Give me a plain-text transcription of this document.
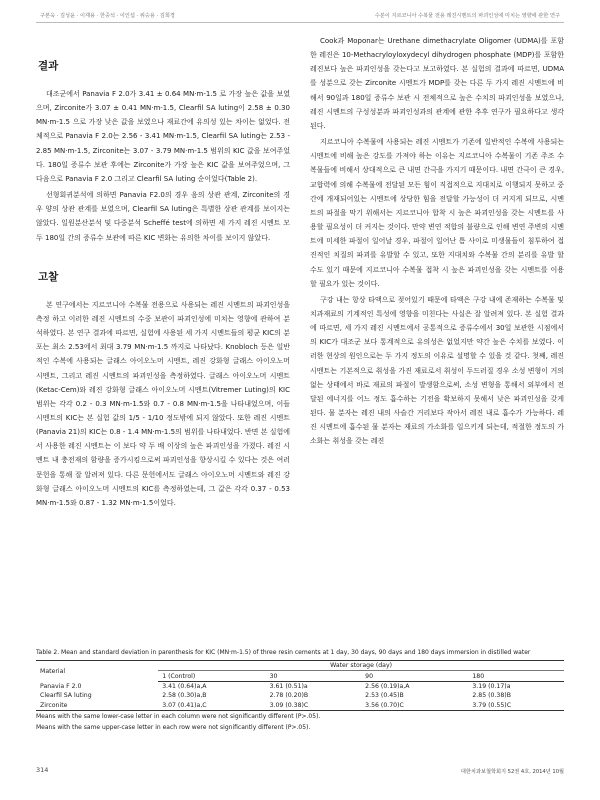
구본욱 · 김성윤 · 이재용 · 한중석 · 이인섭 · 위승용 · 김희경	수분이 지르코니아 수복물 전용 레진시멘트의 파괴인성에 미치는 영향에 관한 연구
결과

대조군에서 Panavia F 2.0가 3.41 ± 0.64 MN·m-1.5 로 가장 높은 값을 보였으며, Zirconite가 3.07 ± 0.41 MN·m-1.5, Clearfil SA luting이 2.58 ± 0.30 MN·m-1.5 으로 가장 낮은 값을 보였으나 재료간에 유의성 있는 차이는 없었다. 전체적으로 Panavia F 2.0는 2.56 - 3.41 MN·m-1.5, Clearfil SA luting는 2.53 - 2.85 MN·m-1.5, Zirconite는 3.07 - 3.79 MN·m-1.5 범위의 KIC 값을 보여주었다. 180일 증류수 보관 후에는 Zirconite가 가장 높은 KIC 값을 보여주었으며, 그 다음으로 Panavia F 2.0 그리고 Clearfil SA luting 순이었다(Table 2).

선형회귀분석에 의하면 Panavia F2.0의 경우 음의 상관 관계, Zirconite의 경우 양의 상관 관계를 보였으며, Clearfil SA luting은 특별한 상관 관계를 보이지는 않았다. 일원분산분석 및 다중분석 Scheffé test에 의하면 세 가지 레진 시멘트 모두 180일 간의 증류수 보관에 따른 KIC 변화는 유의한 차이를 보이지 않았다.

고찰

본 연구에서는 지르코니아 수복물 전용으로 사용되는 레진 시멘트의 파괴인성을 측정 하고 이러한 레진 시멘트의 수중 보관이 파괴인성에 미치는 영향에 관하여 분석하였다. 본 연구 결과에 따르면, 실험에 사용된 세 가지 시멘트들의 평균 KIC의 분포는 최소 2.53에서 최대 3.79 MN·m-1.5 까지로 나타났다. Knobloch 등은 일반적인 수복에 사용되는 글래스 아이오노머 시멘트, 레진 강화형 글래스 아이오노머 시멘트, 그리고 레진 시멘트의 파괴인성을 측정하였다. 글래스 아이오노머 시멘트(Ketac-Cem)와 레진 강화형 글래스 아이오노머 시멘트(Vitremer Luting)의 KIC 범위는 각각 0.2 - 0.3 MN·m-1.5와 0.7 - 0.8 MN·m-1.5을 나타내었으며, 이들 시멘트의 KIC는 본 실험 값의 1/5 - 1/10 정도밖에 되지 않았다. 또한 레진 시멘트(Panavia 21)의 KIC는 0.8 - 1.4 MN·m-1.5의 범위를 나타내었다. 반면 본 실험에서 사용한 레진 시멘트는 이 보다 약 두 배 이상의 높은 파괴인성을 가졌다. 레진 시멘트 내 충전재의 함량을 증가시킴으로써 파괴인성을 향상시킬 수 있다는 것은 여러 문헌을 통해 잘 알려져 있다. 다른 문헌에서도 글래스 아이오노머 시멘트와 레진 강화형 글래스 아이오노머 시멘트의 KIC를 측정하였는데, 그 값은 각각 0.37 - 0.53 MN·m-1.5와 0.87 - 1.32 MN·m-1.5이었다.

Cook과 Moponar는 Urethane dimethacrylate Oligomer (UDMA)를 포함한 레진은 10-Methacryloyloxydecyl dihydrogen phosphate (MDP)를 포함한 레진보다 높은 파괴인성을 갖는다고 보고하였다. 본 실험의 결과에 따르면, UDMA를 성분으로 갖는 Zirconite 시멘트가 MDP를 갖는 다른 두 가지 레진 시멘트에 비해서 90일과 180일 증류수 보관 시 전체적으로 높은 수치의 파괴인성을 보였으나, 레진 시멘트의 구성성분과 파괴인성과의 관계에 관한 추후 연구가 필요하다고 생각된다.

지르코니아 수복물에 사용되는 레진 시멘트가 기존에 일반적인 수복에 사용되는 시멘트에 비해 높은 강도를 가져야 하는 이유는 지르코니아 수복물이 기존 주조 수복물들에 비해서 상대적으로 큰 내면 간극을 가지기 때문이다. 내면 간극이 큰 경우, 교합력에 의해 수복물에 전달된 모든 힘이 직접적으로 지대치로 이행되지 못하고 중간에 개재되어있는 시멘트에 상당한 힘을 전달할 가능성이 더 커지게 되므로, 시멘트의 파절을 막기 위해서는 지르코니아 합착 시 높은 파괴인성을 갖는 시멘트를 사용할 필요성이 더 커지는 것이다. 만약 변연 적합의 불량으로 인해 변연 주변의 시멘트에 미세한 파절이 일어날 경우, 파절이 일어난 틈 사이로 미생물들이 침투하여 접진적인 치질의 파괴를 유발할 수 있고, 또한 지대치와 수복물 간의 분리를 유발 할 수도 있기 때문에 지르코니아 수복물 접착 시 높은 파괴인성을 갖는 시멘트를 이용할 필요가 있는 것이다.

구강 내는 항상 타액으로 젖어있기 때문에 타액은 구강 내에 존재하는 수복물 및 치과재료의 기계적인 특성에 영향을 미친다는 사실은 잘 알려져 있다. 본 실험 결과에 따르면, 세 가지 레진 시멘트에서 공통적으로 증류수에서 30일 보관한 시점에서의 KIC가 대조군 보다 통계적으로 유의성은 없었지만 약간 높은 수치를 보였다. 이러한 현상의 원인으로는 두 가지 정도의 이유로 설명할 수 있을 것 같다. 첫째, 레진 시멘트는 기본적으로 취성을 가진 재료로서 취성이 두드러질 경우 소성 변형이 거의 없는 상태에서 바로 재료의 파절이 발생함으로써, 소성 변형을 통해서 외부에서 전달된 에너지를 어느 정도 흡수하는 기전을 확보하지 못해서 낮은 파괴인성을 갖게 된다. 물 분자는 레진 내의 사슬간 거리보다 작아서 레진 내로 흡수가 가능하다. 레진 시멘트에 흡수된 물 분자는 재료의 가소화를 일으키게 되는데, 적절한 정도의 가소화는 취성을 갖는 레진

Table 2. Mean and standard deviation in parenthesis for KIC (MN·m-1.5) of three resin cements at 1 day, 30 days, 90 days and 180 days immersion in distilled water
Material	Water storage (day)			
	1 (Control)	30	90	180
Panavia F 2.0	3.41 (0.64)a,A	3.61 (0.51)a	2.56 (0.19)a,A	3.19 (0.17)a
Clearfil SA luting	2.58 (0.30)a,B	2.78 (0.20)B	2.53 (0.45)B	2.85 (0.38)B
Zirconite	3.07 (0.41)a,C	3.09 (0.38)C	3.56 (0.70)C	3.79 (0.55)C
Means with the same lower-case letter in each column were not significantly different (P>.05).
Means with the same upper-case letter in each row were not significantly different (P>.05).
314	대한치과보철학회지 52권 4호, 2014년 10월
